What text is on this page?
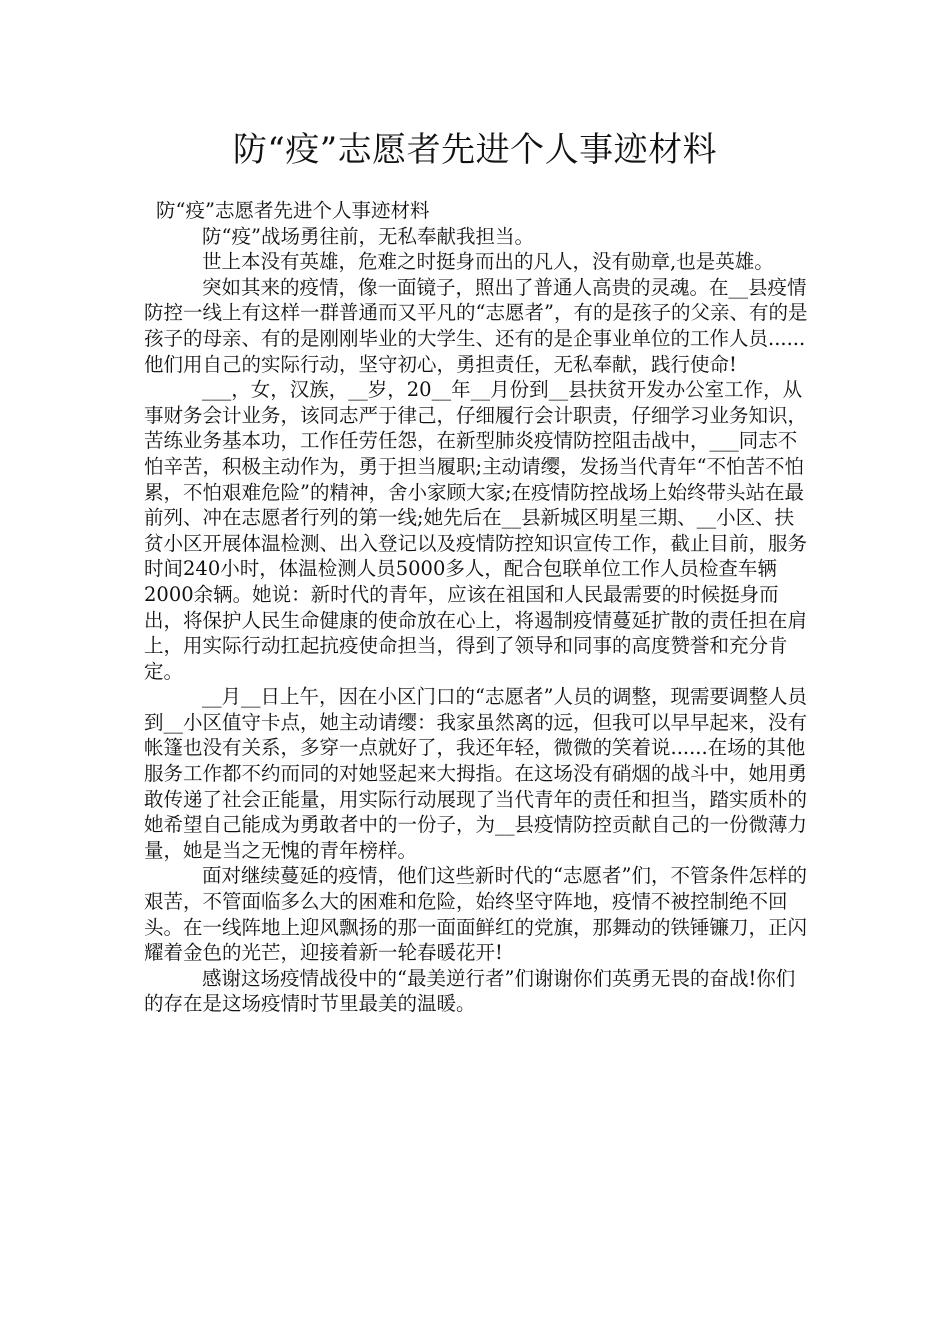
防“疫”志愿者先进个人事迹材料

防“疫”志愿者先进个人事迹材料

防“疫”战场勇往前，无私奉献我担当。

世上本没有英雄，危难之时挺身而出的凡人，没有勋章,也是英雄。

突如其来的疫情，像一面镜子，照出了普通人高贵的灵魂。在__县疫情防控一线上有这样一群普通而又平凡的“志愿者”，有的是孩子的父亲、有的是孩子的母亲、有的是刚刚毕业的大学生、还有的是企事业单位的工作人员......他们用自己的实际行动，坚守初心，勇担责任，无私奉献，践行使命!

___，女，汉族，__岁，20__年__月份到__县扶贫开发办公室工作，从事财务会计业务，该同志严于律己，仔细履行会计职责，仔细学习业务知识，苦练业务基本功，工作任劳任怨，在新型肺炎疫情防控阻击战中，___同志不怕辛苦，积极主动作为，勇于担当履职;主动请缨，发扬当代青年“不怕苦不怕累，不怕艰难危险”的精神，舍小家顾大家;在疫情防控战场上始终带头站在最前列、冲在志愿者行列的第一线;她先后在__县新城区明星三期、__小区、扶贫小区开展体温检测、出入登记以及疫情防控知识宣传工作，截止目前，服务时间240小时，体温检测人员5000多人，配合包联单位工作人员检查车辆2000余辆。她说：新时代的青年，应该在祖国和人民最需要的时候挺身而出，将保护人民生命健康的使命放在心上，将遏制疫情蔓延扩散的责任担在肩上，用实际行动扛起抗疫使命担当，得到了领导和同事的高度赞誉和充分肯定。

__月__日上午，因在小区门口的“志愿者”人员的调整，现需要调整人员到__小区值守卡点，她主动请缨：我家虽然离的远，但我可以早早起来，没有帐篷也没有关系，多穿一点就好了，我还年轻，微微的笑着说......在场的其他服务工作都不约而同的对她竖起来大拇指。在这场没有硝烟的战斗中，她用勇敢传递了社会正能量，用实际行动展现了当代青年的责任和担当，踏实质朴的她希望自己能成为勇敢者中的一份子，为__县疫情防控贡献自己的一份微薄力量，她是当之无愧的青年榜样。

面对继续蔓延的疫情，他们这些新时代的“志愿者”们，不管条件怎样的艰苦，不管面临多么大的困难和危险，始终坚守阵地，疫情不被控制绝不回头。在一线阵地上迎风飘扬的那一面面鲜红的党旗，那舞动的铁锤镰刀，正闪耀着金色的光芒，迎接着新一轮春暖花开!

感谢这场疫情战役中的“最美逆行者”们谢谢你们英勇无畏的奋战!你们的存在是这场疫情时节里最美的温暖。
